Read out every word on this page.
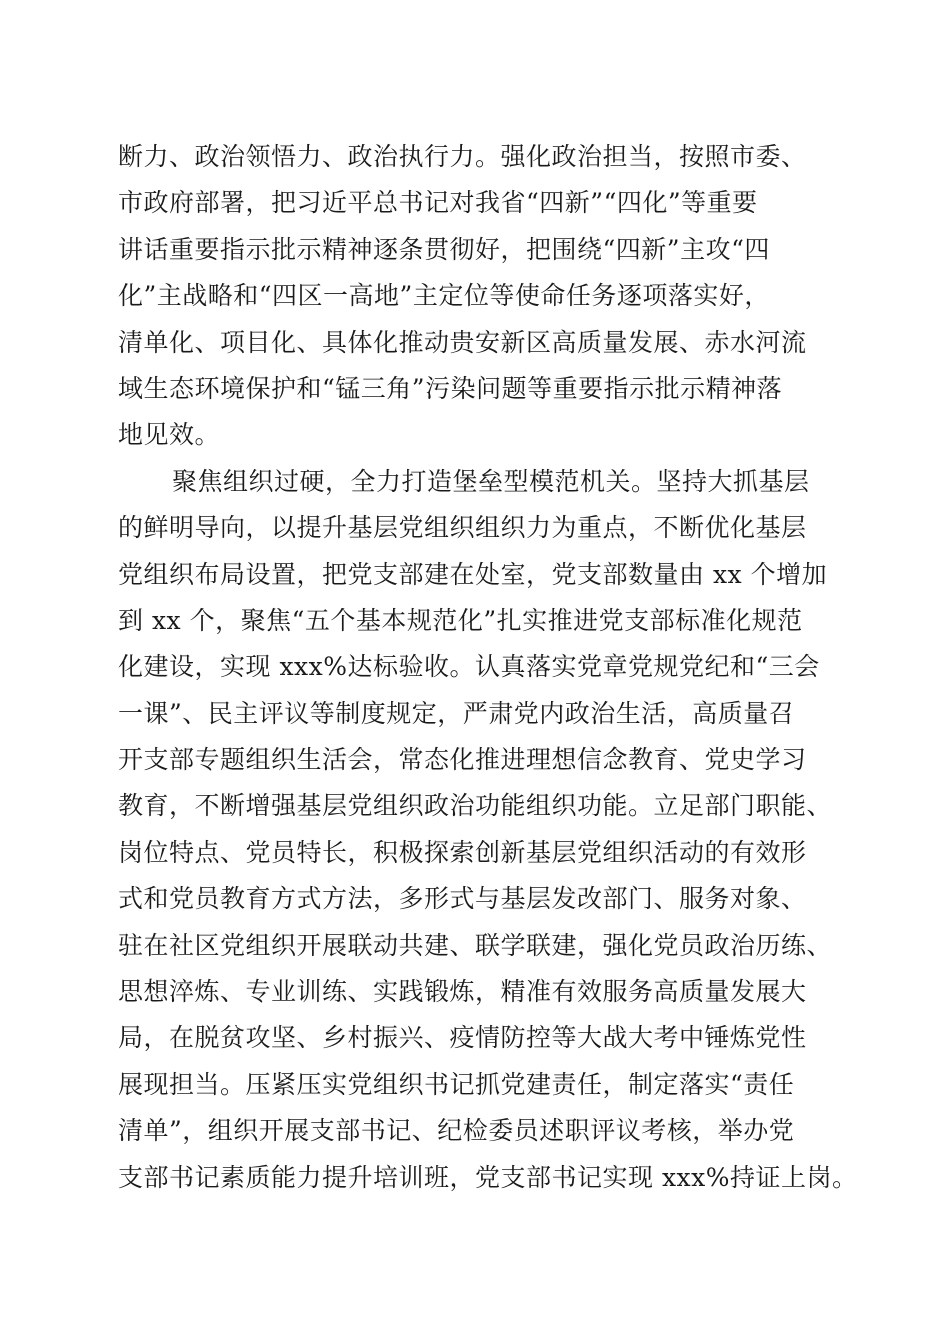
断力、政治领悟力、政治执行力。强化政治担当，按照市委、
市政府部署，把习近平总书记对我省“四新”“四化”等重要
讲话重要指示批示精神逐条贯彻好，把围绕“四新”主攻“四
化”主战略和“四区一高地”主定位等使命任务逐项落实好，
清单化、项目化、具体化推动贵安新区高质量发展、赤水河流
域生态环境保护和“锰三角”污染问题等重要指示批示精神落
地见效。
聚焦组织过硬，全力打造堡垒型模范机关。坚持大抓基层
的鲜明导向，以提升基层党组织组织力为重点，不断优化基层
党组织布局设置，把党支部建在处室，党支部数量由 xx 个增加
到 xx 个，聚焦“五个基本规范化”扎实推进党支部标准化规范
化建设，实现 xxx%达标验收。认真落实党章党规党纪和“三会
一课”、民主评议等制度规定，严肃党内政治生活，高质量召
开支部专题组织生活会，常态化推进理想信念教育、党史学习
教育，不断增强基层党组织政治功能组织功能。立足部门职能、
岗位特点、党员特长，积极探索创新基层党组织活动的有效形
式和党员教育方式方法，多形式与基层发改部门、服务对象、
驻在社区党组织开展联动共建、联学联建，强化党员政治历练、
思想淬炼、专业训练、实践锻炼，精准有效服务高质量发展大
局，在脱贫攻坚、乡村振兴、疫情防控等大战大考中锤炼党性
展现担当。压紧压实党组织书记抓党建责任，制定落实“责任
清单”，组织开展支部书记、纪检委员述职评议考核，举办党
支部书记素质能力提升培训班，党支部书记实现 xxx%持证上岗。
